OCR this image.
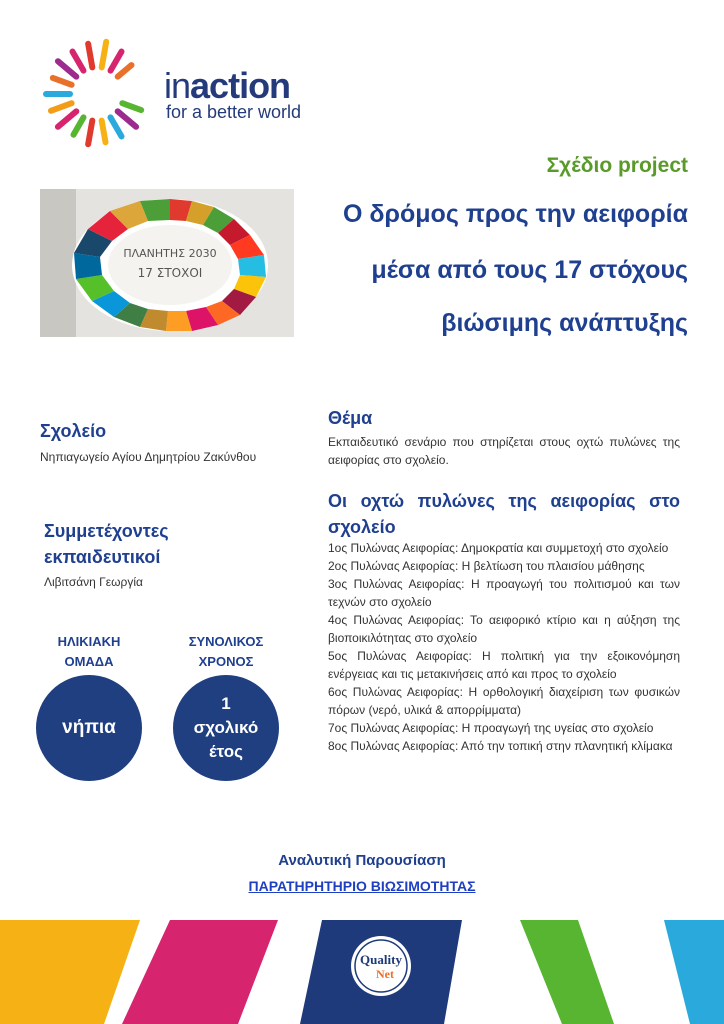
inaction
for a better world
Σχέδιο project
Ο δρόμος προς την αειφορία
μέσα από τους 17 στόχους
βιώσιμης ανάπτυξης
ΠΛΑΝΗΤΗΣ 2030
17 ΣΤΟΧΟΙ
Σχολείο
Νηπιαγωγείο Αγίου Δημητρίου Ζακύνθου
Συμμετέχοντες
εκπαιδευτικοί
Λιβιτσάνη Γεωργία
ΗΛΙΚΙΑΚΗ
ΟΜΑΔΑ
ΣΥΝΟΛΙΚΟΣ
ΧΡΟΝΟΣ
νήπια
1
σχολικό
έτος
Θέμα
Εκπαιδευτικό σενάριο που στηρίζεται στους οχτώ πυλώνες της αειφορίας στο σχολείο.
Οι οχτώ πυλώνες της αειφορίας στο σχολείο
1ος Πυλώνας Αειφορίας: Δημοκρατία και συμμετοχή στο σχολείο
2ος Πυλώνας Αειφορίας: Η βελτίωση του πλαισίου μάθησης
3ος Πυλώνας Αειφορίας: Η προαγωγή του πολιτισμού και των τεχνών στο σχολείο
4ος Πυλώνας Αειφορίας: Το αειφορικό κτίριο και η αύξηση της βιοποικιλότητας στο σχολείο
5ος Πυλώνας Αειφορίας: Η πολιτική για την εξοικονόμηση ενέργειας και τις μετακινήσεις από και προς το σχολείο
6ος Πυλώνας Αειφορίας: Η ορθολογική διαχείριση των φυσικών πόρων (νερό, υλικά & απορρίμματα)
7ος Πυλώνας Αειφορίας: Η προαγωγή της υγείας στο σχολείο
8ος Πυλώνας Αειφορίας: Από την τοπική στην πλανητική κλίμακα
Αναλυτική Παρουσίαση
ΠΑΡΑΤΗΡΗΤΗΡΙΟ ΒΙΩΣΙΜΟΤΗΤΑΣ
Quality
Net
